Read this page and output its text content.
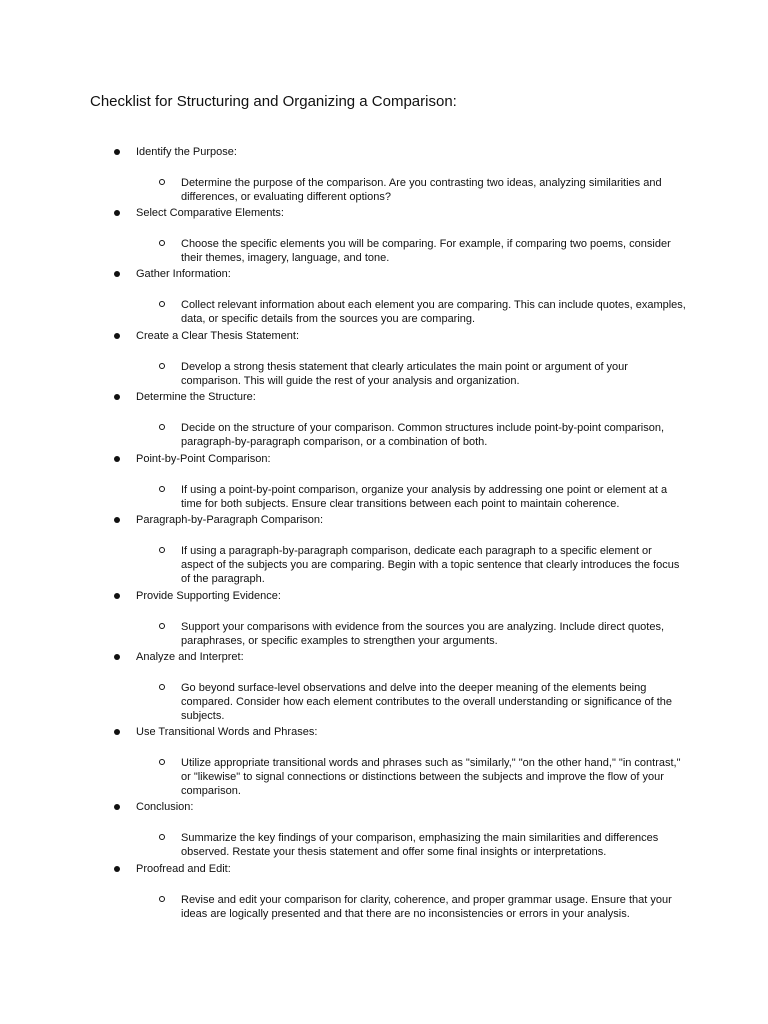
Checklist for Structuring and Organizing a Comparison:
Identify the Purpose:

Determine the purpose of the comparison. Are you contrasting two ideas, analyzing similarities and differences, or evaluating different options?

Select Comparative Elements:

Choose the specific elements you will be comparing. For example, if comparing two poems, consider their themes, imagery, language, and tone.

Gather Information:

Collect relevant information about each element you are comparing. This can include quotes, examples, data, or specific details from the sources you are comparing.

Create a Clear Thesis Statement:

Develop a strong thesis statement that clearly articulates the main point or argument of your comparison. This will guide the rest of your analysis and organization.

Determine the Structure:

Decide on the structure of your comparison. Common structures include point-by-point comparison, paragraph-by-paragraph comparison, or a combination of both.

Point-by-Point Comparison:

If using a point-by-point comparison, organize your analysis by addressing one point or element at a time for both subjects. Ensure clear transitions between each point to maintain coherence.

Paragraph-by-Paragraph Comparison:

If using a paragraph-by-paragraph comparison, dedicate each paragraph to a specific element or aspect of the subjects you are comparing. Begin with a topic sentence that clearly introduces the focus of the paragraph.

Provide Supporting Evidence:

Support your comparisons with evidence from the sources you are analyzing. Include direct quotes, paraphrases, or specific examples to strengthen your arguments.

Analyze and Interpret:

Go beyond surface-level observations and delve into the deeper meaning of the elements being compared. Consider how each element contributes to the overall understanding or significance of the subjects.

Use Transitional Words and Phrases:

Utilize appropriate transitional words and phrases such as "similarly," "on the other hand," "in contrast," or "likewise" to signal connections or distinctions between the subjects and improve the flow of your comparison.

Conclusion:

Summarize the key findings of your comparison, emphasizing the main similarities and differences observed. Restate your thesis statement and offer some final insights or interpretations.

Proofread and Edit:

Revise and edit your comparison for clarity, coherence, and proper grammar usage. Ensure that your ideas are logically presented and that there are no inconsistencies or errors in your analysis.
